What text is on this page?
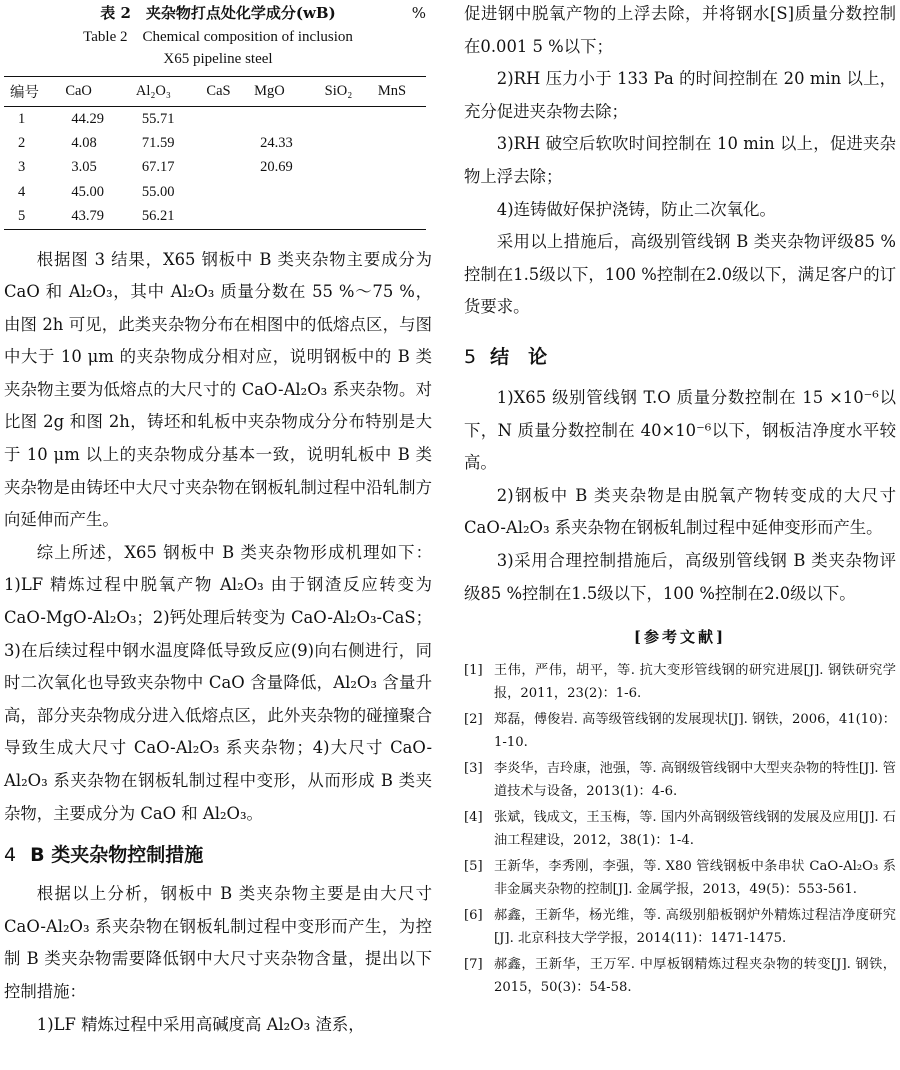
表 2　夹杂物打点处化学成分(wB)	%
Table 2　Chemical composition of inclusion
X65 pipeline steel
编号	CaO	Al₂O₃	CaS	MgO	SiO₂	MnS
1	44.29	55.71				
2	4.08	71.59		24.33		
3	3.05	67.17		20.69		
4	45.00	55.00				
5	43.79	56.21				

根据图 3 结果，X65 钢板中 B 类夹杂物主要成分为 CaO 和 Al₂O₃，其中 Al₂O₃ 质量分数在 55 %～75 %，由图 2h 可见，此类夹杂物分布在相图中的低熔点区，与图中大于 10 μm 的夹杂物成分相对应，说明钢板中的 B 类夹杂物主要为低熔点的大尺寸的 CaO-Al₂O₃ 系夹杂物。对比图 2g 和图 2h，铸坯和轧板中夹杂物成分分布特别是大于 10 μm 以上的夹杂物成分基本一致，说明轧板中 B 类夹杂物是由铸坯中大尺寸夹杂物在钢板轧制过程中沿轧制方向延伸而产生。

综上所述，X65 钢板中 B 类夹杂物形成机理如下：1)LF 精炼过程中脱氧产物 Al₂O₃ 由于钢渣反应转变为 CaO-MgO-Al₂O₃；2)钙处理后转变为 CaO-Al₂O₃-CaS；3)在后续过程中钢水温度降低导致反应(9)向右侧进行，同时二次氧化也导致夹杂物中 CaO 含量降低，Al₂O₃ 含量升高，部分夹杂物成分进入低熔点区，此外夹杂物的碰撞聚合导致生成大尺寸 CaO-Al₂O₃ 系夹杂物；4)大尺寸 CaO-Al₂O₃ 系夹杂物在钢板轧制过程中变形，从而形成 B 类夹杂物，主要成分为 CaO 和 Al₂O₃。

4 B 类夹杂物控制措施

根据以上分析，钢板中 B 类夹杂物主要是由大尺寸 CaO-Al₂O₃ 系夹杂物在钢板轧制过程中变形而产生，为控制 B 类夹杂物需要降低钢中大尺寸夹杂物含量，提出以下控制措施：

1)LF 精炼过程中采用高碱度高 Al₂O₃ 渣系，

促进钢中脱氧产物的上浮去除，并将钢水[S]质量分数控制在0.001 5 %以下；

2)RH 压力小于 133 Pa 的时间控制在 20 min 以上，充分促进夹杂物去除；

3)RH 破空后软吹时间控制在 10 min 以上，促进夹杂物上浮去除；

4)连铸做好保护浇铸，防止二次氧化。

采用以上措施后，高级别管线钢 B 类夹杂物评级85 %控制在1.5级以下，100 %控制在2.0级以下，满足客户的订货要求。

5 结　论

1)X65 级别管线钢 T.O 质量分数控制在 15 ×10⁻⁶以下，N 质量分数控制在 40×10⁻⁶以下，钢板洁净度水平较高。

2)钢板中 B 类夹杂物是由脱氧产物转变成的大尺寸 CaO-Al₂O₃ 系夹杂物在钢板轧制过程中延伸变形而产生。

3)采用合理控制措施后，高级别管线钢 B 类夹杂物评级85 %控制在1.5级以下，100 %控制在2.0级以下。

[参考文献]
[1] 王伟，严伟，胡平，等. 抗大变形管线钢的研究进展[J]. 钢铁研究学报，2011，23(2)：1-6.
[2] 郑磊，傅俊岩. 高等级管线钢的发展现状[J]. 钢铁，2006，41(10)：1-10.
[3] 李炎华，吉玲康，池强，等. 高钢级管线钢中大型夹杂物的特性[J]. 管道技术与设备，2013(1)：4-6.
[4] 张斌，钱成文，王玉梅，等. 国内外高钢级管线钢的发展及应用[J]. 石油工程建设，2012，38(1)：1-4.
[5] 王新华，李秀刚，李强，等. X80 管线钢板中条串状 CaO-Al₂O₃ 系非金属夹杂物的控制[J]. 金属学报，2013，49(5)：553-561.
[6] 郝鑫，王新华，杨光维，等. 高级别船板钢炉外精炼过程洁净度研究[J]. 北京科技大学学报，2014(11)：1471-1475.
[7] 郝鑫，王新华，王万军. 中厚板钢精炼过程夹杂物的转变[J]. 钢铁，2015，50(3)：54-58.
